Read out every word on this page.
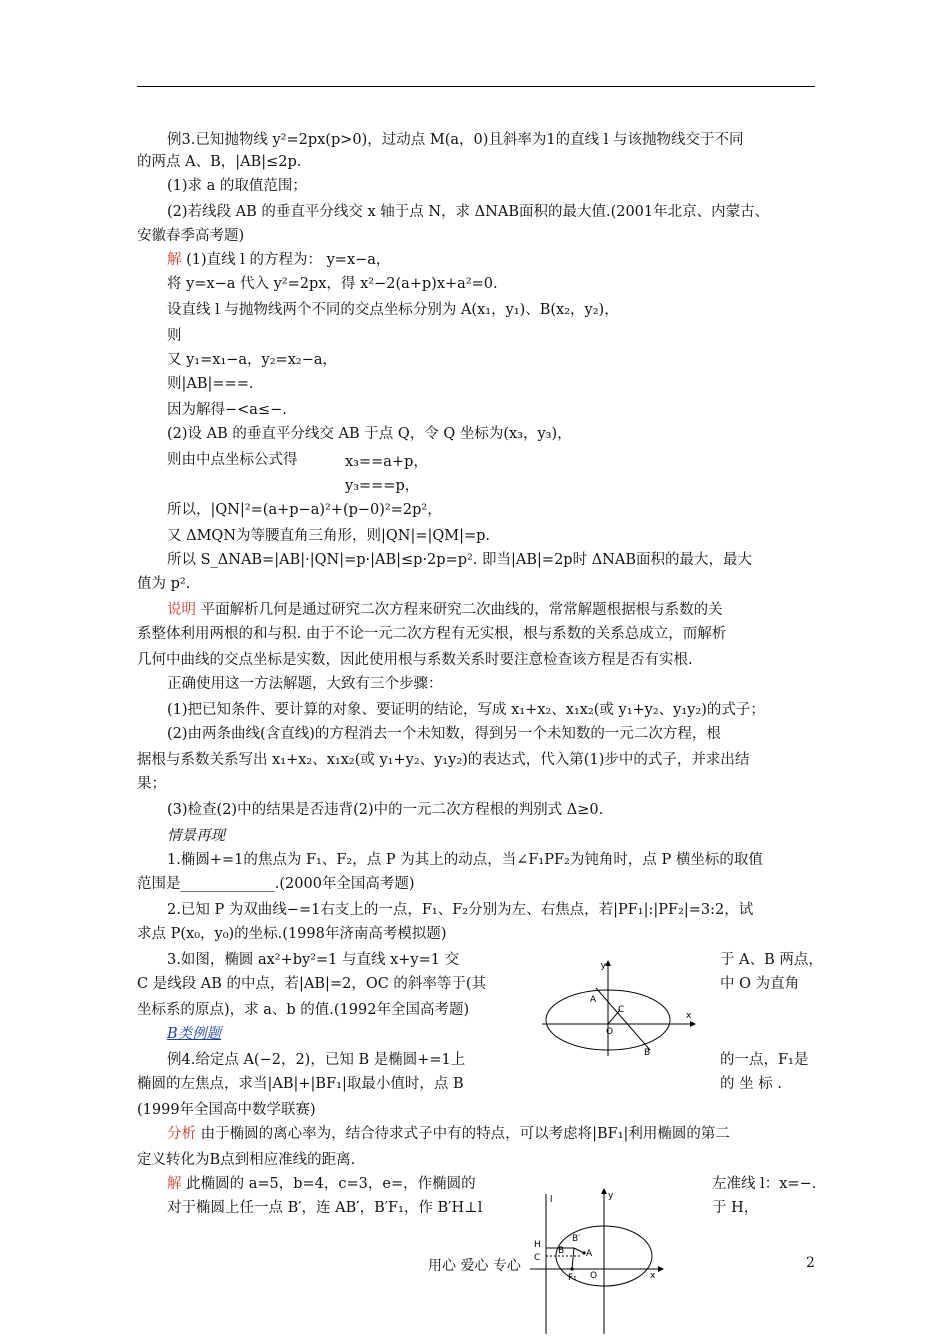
例3.已知抛物线 y²=2px(p>0)，过动点 M(a，0)且斜率为1的直线 l 与该抛物线交于不同
的两点 A、B，|AB|≤2p.
(1)求 a 的取值范围；
(2)若线段 AB 的垂直平分线交 x 轴于点 N，求 ΔNAB面积的最大值.(2001年北京、内蒙古、
安徽春季高考题)
解 (1)直线 l 的方程为： y=x−a，
将 y=x−a 代入 y²=2px，得 x²−2(a+p)x+a²=0.
设直线 l 与抛物线两个不同的交点坐标分别为 A(x₁，y₁)、B(x₂，y₂)，
则
又 y₁=x₁−a，y₂=x₂−a，
则|AB|===.
因为解得−<a≤−.
(2)设 AB 的垂直平分线交 AB 于点 Q，令 Q 坐标为(x₃，y₃)，
则由中点坐标公式得	x₃==a+p，
y₃===p，
所以，|QN|²=(a+p−a)²+(p−0)²=2p²，
又 ΔMQN为等腰直角三角形，则|QN|=|QM|=p.
所以 S_ΔNAB=|AB|·|QN|=p·|AB|≤p·2p=p². 即当|AB|=2p时 ΔNAB面积的最大，最大
值为 p².
说明 平面解析几何是通过研究二次方程来研究二次曲线的，常常解题根据根与系数的关
系整体利用两根的和与积. 由于不论一元二次方程有无实根，根与系数的关系总成立，而解析
几何中曲线的交点坐标是实数，因此使用根与系数关系时要注意检查该方程是否有实根.
正确使用这一方法解题，大致有三个步骤：
(1)把已知条件、要计算的对象、要证明的结论，写成 x₁+x₂、x₁x₂(或 y₁+y₂、y₁y₂)的式子；
(2)由两条曲线(含直线)的方程消去一个未知数，得到另一个未知数的一元二次方程，根
据根与系数关系写出 x₁+x₂、x₁x₂(或 y₁+y₂、y₁y₂)的表达式，代入第(1)步中的式子，并求出结
果；
(3)检查(2)中的结果是否违背(2)中的一元二次方程根的判别式 Δ≥0.
情景再现
1.椭圆+=1的焦点为 F₁、F₂，点 P 为其上的动点，当∠F₁PF₂为钝角时，点 P 横坐标的取值
范围是_____________.(2000年全国高考题)
2.已知 P 为双曲线−=1右支上的一点，F₁、F₂分别为左、右焦点，若|PF₁|:|PF₂|=3:2，试
求点 P(x₀，y₀)的坐标.(1998年济南高考模拟题)
3.如图，椭圆 ax²+by²=1 与直线 x+y=1 交	于 A、B 两点，
C 是线段 AB 的中点，若|AB|=2，OC 的斜率等于(其	中 O 为直角
坐标系的原点)，求 a、b 的值.(1992年全国高考题)
B类例题
例4.给定点 A(−2，2)，已知 B 是椭圆+=1上	的一点，F₁是
椭圆的左焦点，求当|AB|+|BF₁|取最小值时，点 B	的 坐 标 .
(1999年全国高中数学联赛)
分析 由于椭圆的离心率为，结合待求式子中有的特点，可以考虑将|BF₁|利用椭圆的第二
定义转化为B点到相应准线的距离.
解 此椭圆的 a=5，b=4，c=3，e=，作椭圆的	左准线 l：x=−.
对于椭圆上任一点 B′，连 AB′，B′F₁，作 B′H⊥l	于 H，
y
x
A
B
C
O
l	y
x
H
B′
B
C	A
F₁ O
用心 爱心 专心	2
